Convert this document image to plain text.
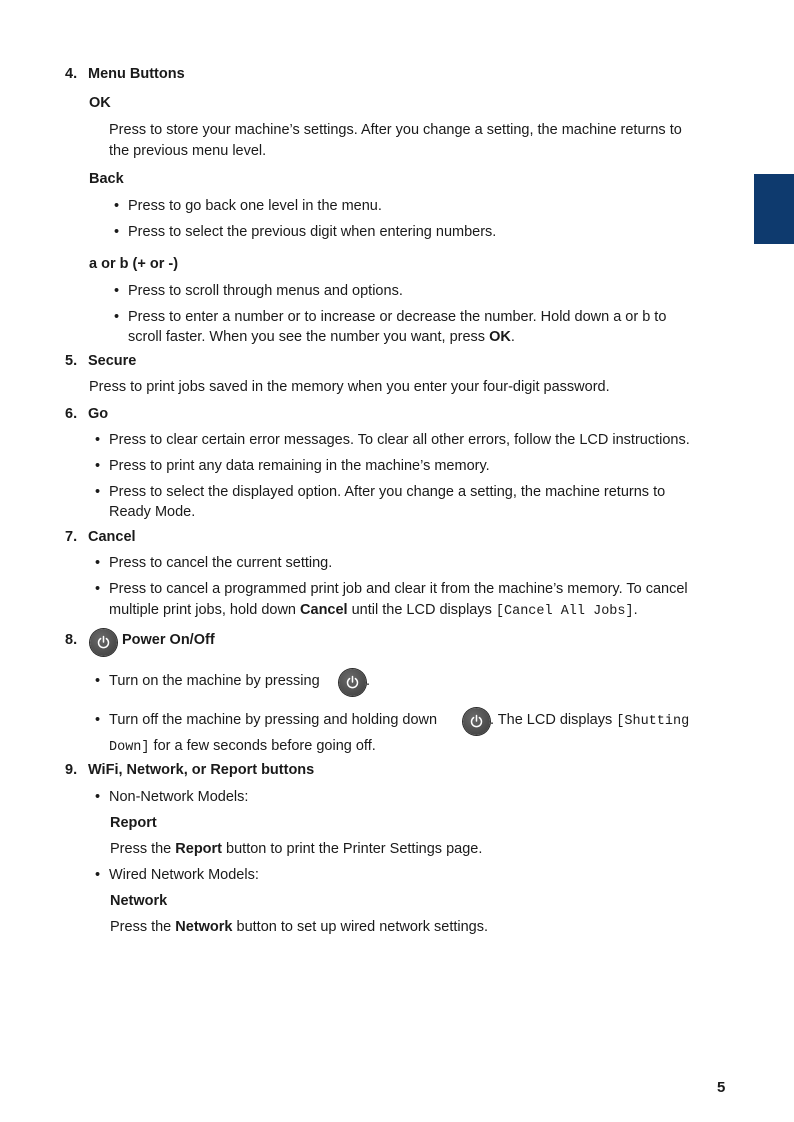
4. Menu Buttons
OK
Press to store your machine’s settings. After you change a setting, the machine returns to
the previous menu level.
Back
• Press to go back one level in the menu.
• Press to select the previous digit when entering numbers.
a or b (+ or -)
• Press to scroll through menus and options.
• Press to enter a number or to increase or decrease the number. Hold down a or b to
scroll faster. When you see the number you want, press OK.
5. Secure
Press to print jobs saved in the memory when you enter your four-digit password.
6. Go
• Press to clear certain error messages. To clear all other errors, follow the LCD instructions.
• Press to print any data remaining in the machine’s memory.
• Press to select the displayed option. After you change a setting, the machine returns to
Ready Mode.
7. Cancel
• Press to cancel the current setting.
• Press to cancel a programmed print job and clear it from the machine’s memory. To cancel
multiple print jobs, hold down Cancel until the LCD displays [Cancel All Jobs].
8.	Power On/Off
• Turn on the machine by pressing	.
• Turn off the machine by pressing and holding down	. The LCD displays [Shutting
Down] for a few seconds before going off.
9. WiFi, Network, or Report buttons
• Non-Network Models:
Report
Press the Report button to print the Printer Settings page.
• Wired Network Models:
Network
Press the Network button to set up wired network settings.
5
